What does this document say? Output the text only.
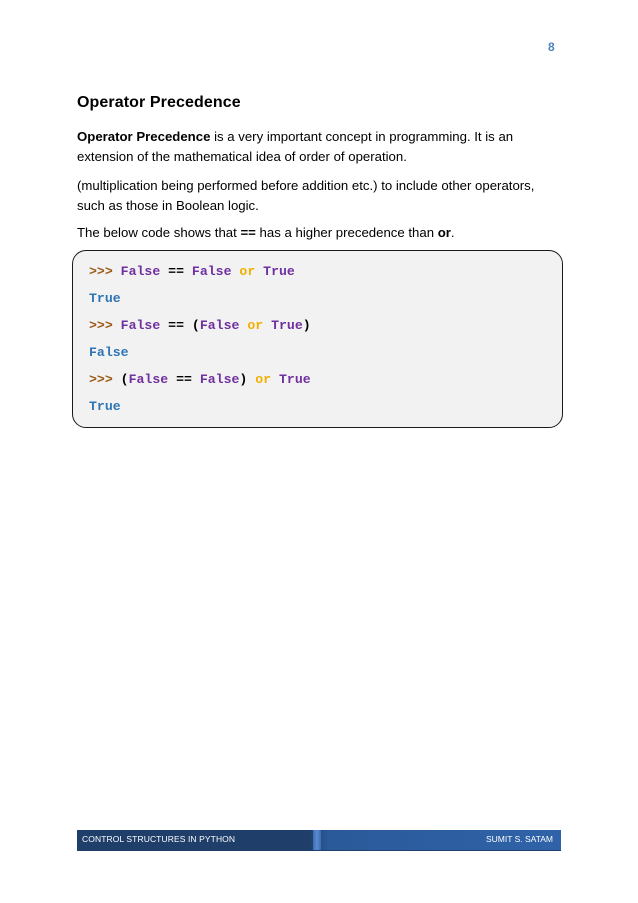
8
Operator Precedence
Operator Precedence is a very important concept in programming. It is an extension of the mathematical idea of order of operation.
(multiplication being performed before addition etc.) to include other operators, such as those in Boolean logic.
The below code shows that == has a higher precedence than or.
>>> False == False or True
True
>>> False == (False or True)
False
>>> (False == False) or True
True
CONTROL STRUCTURES IN PYTHON	SUMIT S. SATAM
